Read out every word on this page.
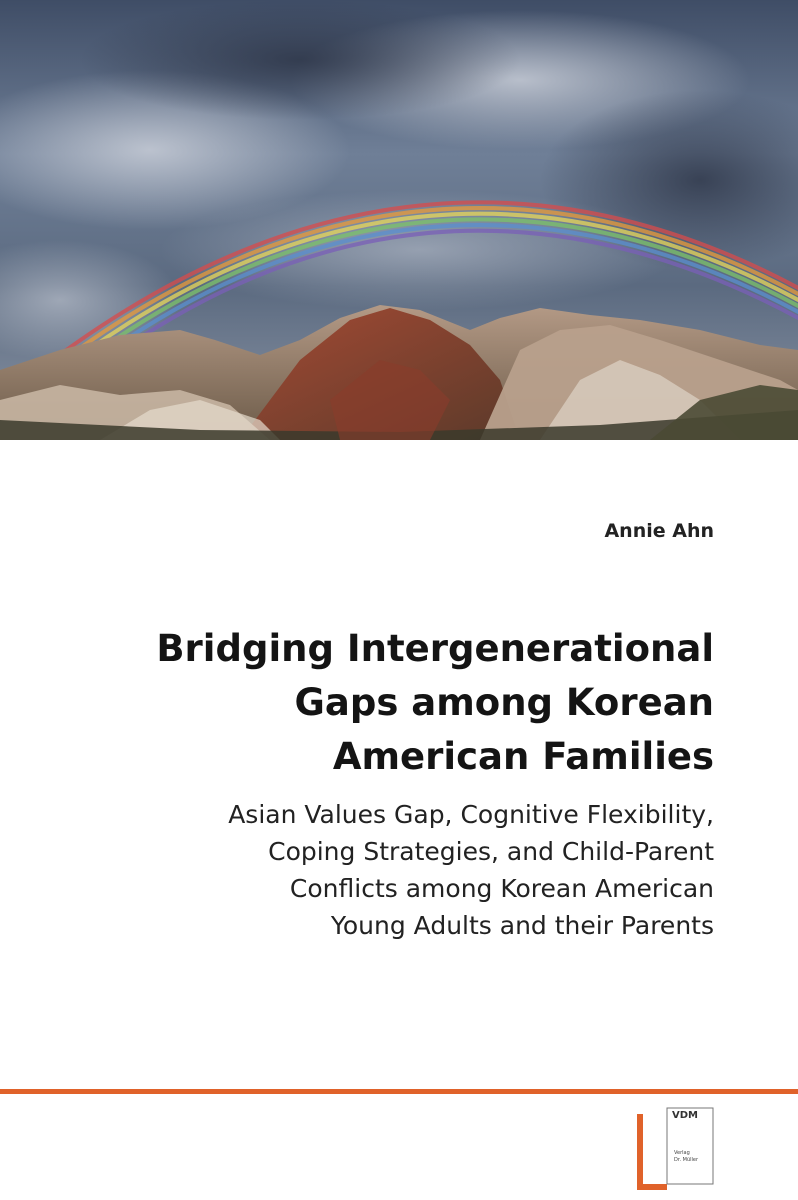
Annie Ahn
Bridging Intergenerational
Gaps among Korean
American Families
Asian Values Gap, Cognitive Flexibility,
Coping Strategies, and Child-Parent
Conflicts among Korean American
Young Adults and their Parents
VDM
Verlag
Dr. Müller
